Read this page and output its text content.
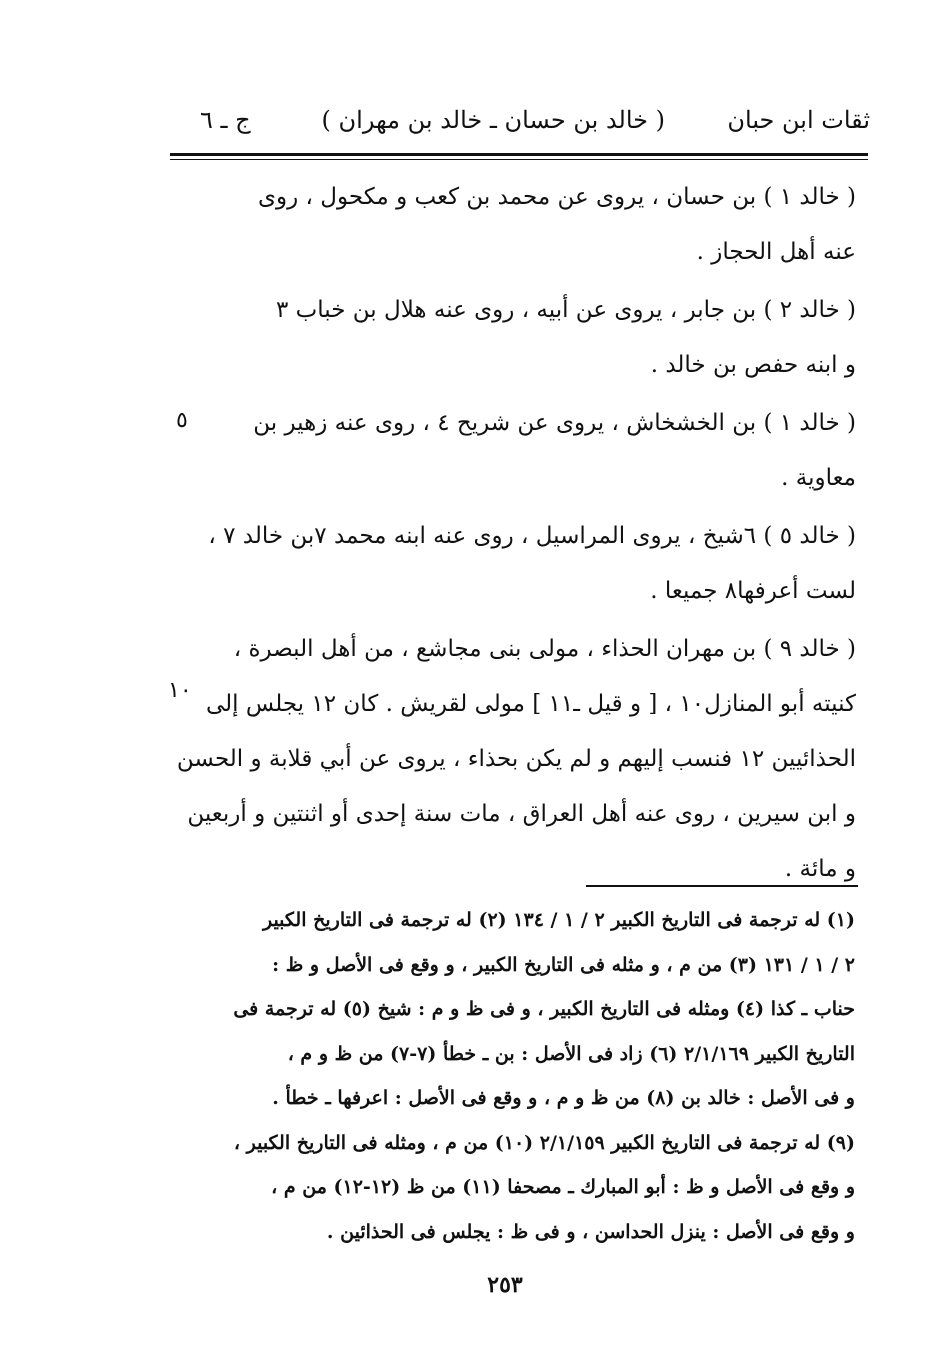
ثقات ابن حبان
( خالد بن حسان ـ خالد بن مهران )
ج ـ ٦
( خالد ١ ) بن حسان ، يروى عن محمد بن كعب و مكحول ، روى
عنه أهل الحجاز .
( خالد ٢ ) بن جابر ، يروى عن أبيه ، روى عنه هلال بن خباب ٣
و ابنه حفص بن خالد .
( خالد ١ ) بن الخشخاش ، يروى عن شريح ٤ ، روى عنه زهير بن
معاوية .
( خالد ٥ ) ٦شيخ ، يروى المراسيل ، روى عنه ابنه محمد ٧بن خالد ٧ ،
لست أعرفها٨ جميعا .
( خالد ٩ ) بن مهران الحذاء ، مولى بنى مجاشع ، من أهل البصرة ،
كنيته أبو المنازل١٠ ، [ و قيل ـ١١ ] مولى لقريش . كان ١٢ يجلس إلى
الحذائيين ١٢ فنسب إليهم و لم يكن بحذاء ، يروى عن أبي قلابة و الحسن
و ابن سيرين ، روى عنه أهل العراق ، مات سنة إحدى أو اثنتين و أربعين
و مائة .
٥
١٠
(١) له ترجمة فى التاريخ الكبير ٢ / ١ / ١٣٤ (٢) له ترجمة فى التاريخ الكبير
٢ / ١ / ١٣١ (٣) من م ، و مثله فى التاريخ الكبير ، و وقع فى الأصل و ظ :
حناب ـ كذا (٤) ومثله فى التاريخ الكبير ، و فى ظ و م : شيخ (٥) له ترجمة فى
التاريخ الكبير ٢/١/١٦٩ (٦) زاد فى الأصل : بن ـ خطأ (٧-٧) من ظ و م ،
و فى الأصل : خالد بن (٨) من ظ و م ، و وقع فى الأصل : اعرفها ـ خطأ .
(٩) له ترجمة فى التاريخ الكبير ٢/١/١٥٩ (١٠) من م ، ومثله فى التاريخ الكبير ،
و وقع فى الأصل و ظ : أبو المبارك ـ مصحفا (١١) من ظ (١٢-١٢) من م ،
و وقع فى الأصل : ينزل الحداسن ، و فى ظ : يجلس فى الحذائين .
٢٥٣
